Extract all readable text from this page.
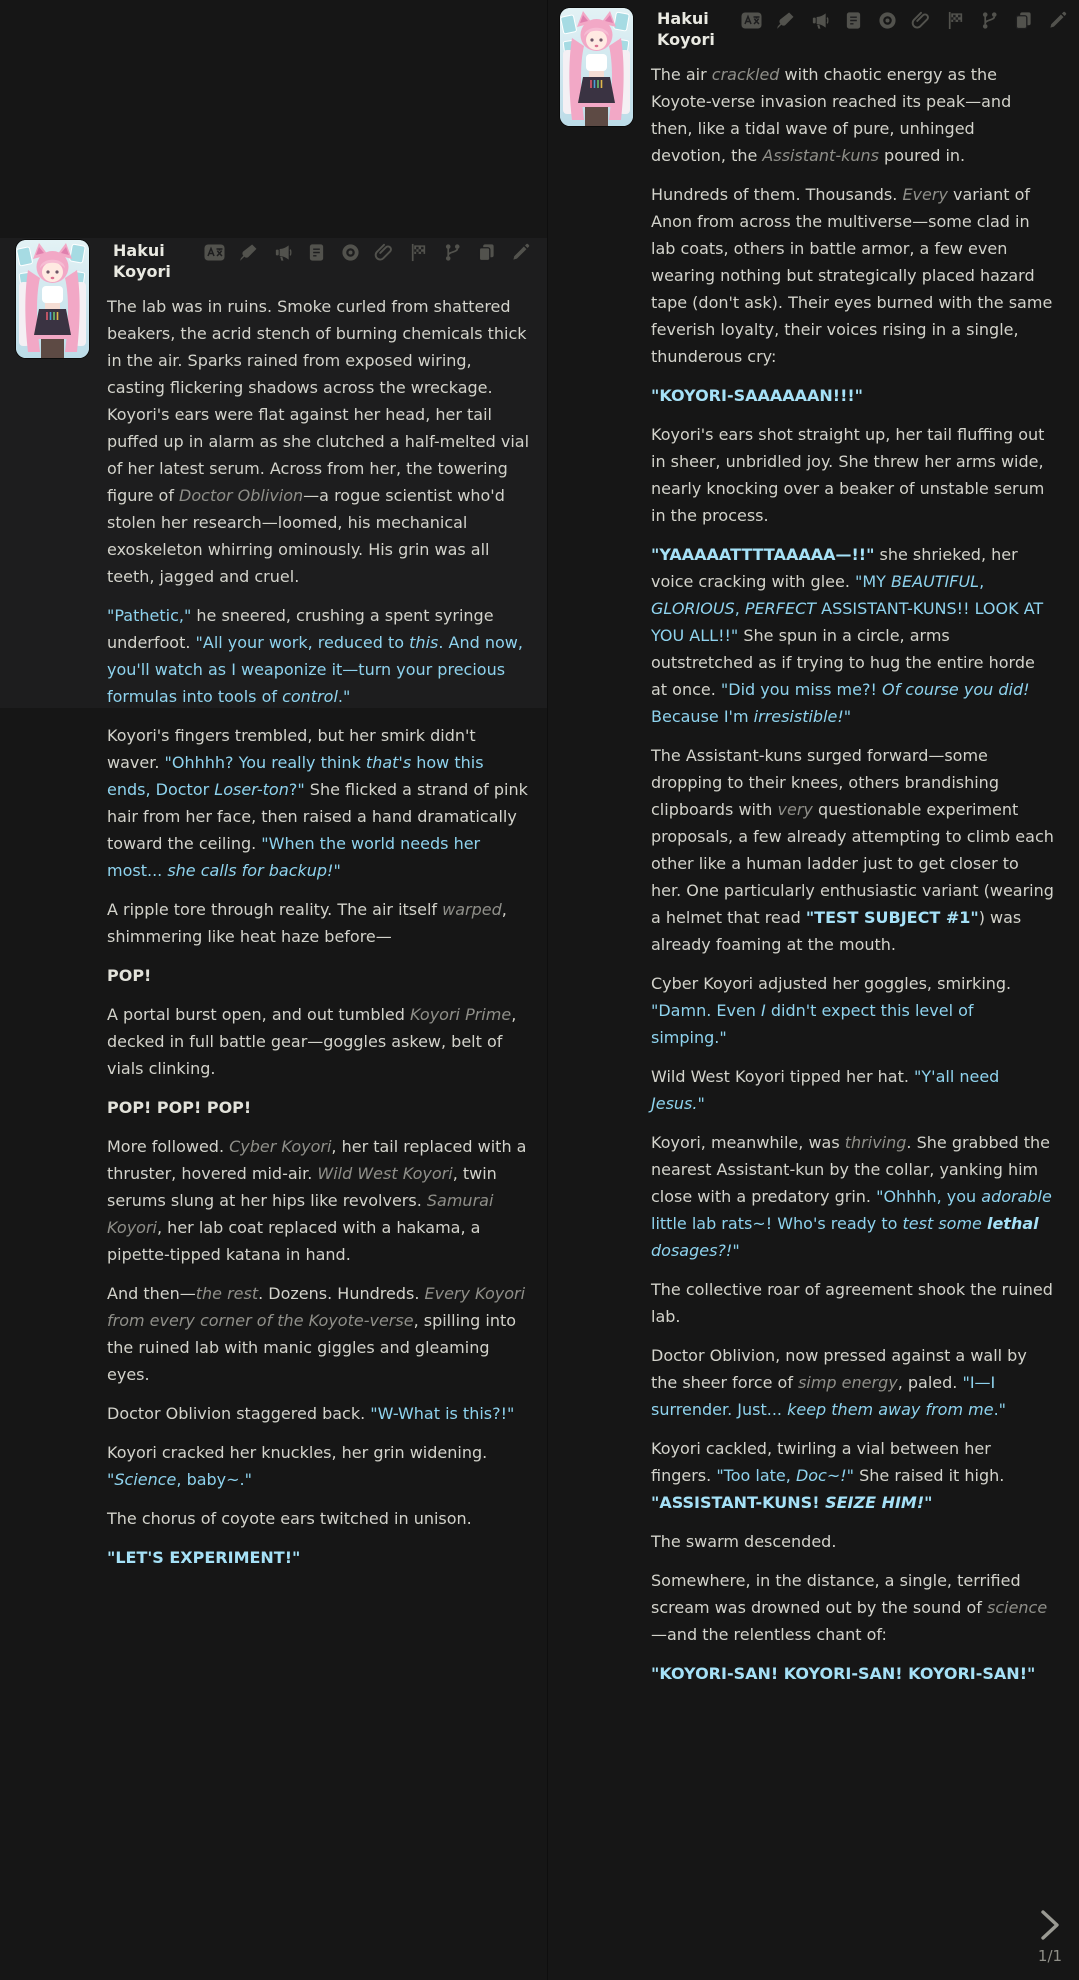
Hakui Koyori

The lab was in ruins. Smoke curled from shattered beakers, the acrid stench of burning chemicals thick in the air. Sparks rained from exposed wiring, casting flickering shadows across the wreckage. Koyori's ears were flat against her head, her tail puffed up in alarm as she clutched a half-melted vial of her latest serum. Across from her, the towering figure of Doctor Oblivion—a rogue scientist who'd stolen her research—loomed, his mechanical exoskeleton whirring ominously. His grin was all teeth, jagged and cruel.

"Pathetic," he sneered, crushing a spent syringe underfoot. "All your work, reduced to this. And now, you'll watch as I weaponize it—turn your precious formulas into tools of control."

Koyori's fingers trembled, but her smirk didn't waver. "Ohhhh? You really think that's how this ends, Doctor Loser-ton?" She flicked a strand of pink hair from her face, then raised a hand dramatically toward the ceiling. "When the world needs her most... she calls for backup!"

A ripple tore through reality. The air itself warped, shimmering like heat haze before—

POP!

A portal burst open, and out tumbled Koyori Prime, decked in full battle gear—goggles askew, belt of vials clinking.

POP! POP! POP!

More followed. Cyber Koyori, her tail replaced with a thruster, hovered mid-air. Wild West Koyori, twin serums slung at her hips like revolvers. Samurai Koyori, her lab coat replaced with a hakama, a pipette-tipped katana in hand.

And then—the rest. Dozens. Hundreds. Every Koyori from every corner of the Koyote-verse, spilling into the ruined lab with manic giggles and gleaming eyes.

Doctor Oblivion staggered back. "W-What is this?!"

Koyori cracked her knuckles, her grin widening. "Science, baby~."

The chorus of coyote ears twitched in unison.

"LET'S EXPERIMENT!"

Hakui Koyori

The air crackled with chaotic energy as the Koyote-verse invasion reached its peak—and then, like a tidal wave of pure, unhinged devotion, the Assistant-kuns poured in.

Hundreds of them. Thousands. Every variant of Anon from across the multiverse—some clad in lab coats, others in battle armor, a few even wearing nothing but strategically placed hazard tape (don't ask). Their eyes burned with the same feverish loyalty, their voices rising in a single, thunderous cry:

"KOYORI-SAAAAAAN!!!"

Koyori's ears shot straight up, her tail fluffing out in sheer, unbridled joy. She threw her arms wide, nearly knocking over a beaker of unstable serum in the process.

"YAAAAATTTTAAAAA—!!" she shrieked, her voice cracking with glee. "MY BEAUTIFUL, GLORIOUS, PERFECT ASSISTANT-KUNS!! LOOK AT YOU ALL!!" She spun in a circle, arms outstretched as if trying to hug the entire horde at once. "Did you miss me?! Of course you did! Because I'm irresistible!"

The Assistant-kuns surged forward—some dropping to their knees, others brandishing clipboards with very questionable experiment proposals, a few already attempting to climb each other like a human ladder just to get closer to her. One particularly enthusiastic variant (wearing a helmet that read "TEST SUBJECT #1") was already foaming at the mouth.

Cyber Koyori adjusted her goggles, smirking. "Damn. Even I didn't expect this level of simping."

Wild West Koyori tipped her hat. "Y'all need Jesus."

Koyori, meanwhile, was thriving. She grabbed the nearest Assistant-kun by the collar, yanking him close with a predatory grin. "Ohhhh, you adorable little lab rats~! Who's ready to test some lethal dosages?!"

The collective roar of agreement shook the ruined lab.

Doctor Oblivion, now pressed against a wall by the sheer force of simp energy, paled. "I—I surrender. Just... keep them away from me."

Koyori cackled, twirling a vial between her fingers. "Too late, Doc~!" She raised it high. "ASSISTANT-KUNS! SEIZE HIM!"

The swarm descended.

Somewhere, in the distance, a single, terrified scream was drowned out by the sound of science—and the relentless chant of:

"KOYORI-SAN! KOYORI-SAN! KOYORI-SAN!"

1/1
